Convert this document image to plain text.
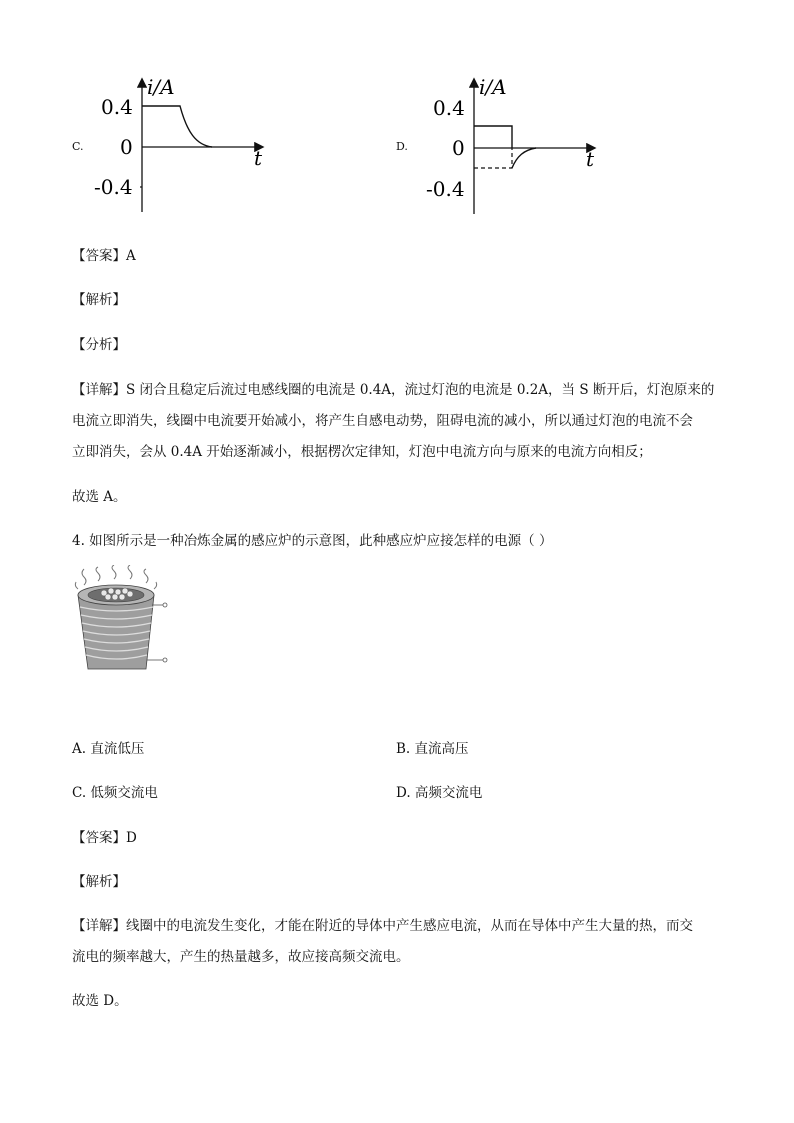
C.
i/A
t
0.4
0
-0.4
D.
i/A
t
0.4
0
-0.4
【答案】A
【解析】
【分析】
【详解】S 闭合且稳定后流过电感线圈的电流是 0.4A，流过灯泡的电流是 0.2A，当 S 断开后，灯泡原来的
电流立即消失，线圈中电流要开始减小，将产生自感电动势，阻碍电流的减小，所以通过灯泡的电流不会
立即消失，会从 0.4A 开始逐渐减小，根据楞次定律知，灯泡中电流方向与原来的电流方向相反；
故选 A。
4. 如图所示是一种冶炼金属的感应炉的示意图，此种感应炉应接怎样的电源（ ）
A. 直流低压	B. 直流高压
C. 低频交流电	D. 高频交流电
【答案】D
【解析】
【详解】线圈中的电流发生变化，才能在附近的导体中产生感应电流，从而在导体中产生大量的热，而交
流电的频率越大，产生的热量越多，故应接高频交流电。
故选 D。
